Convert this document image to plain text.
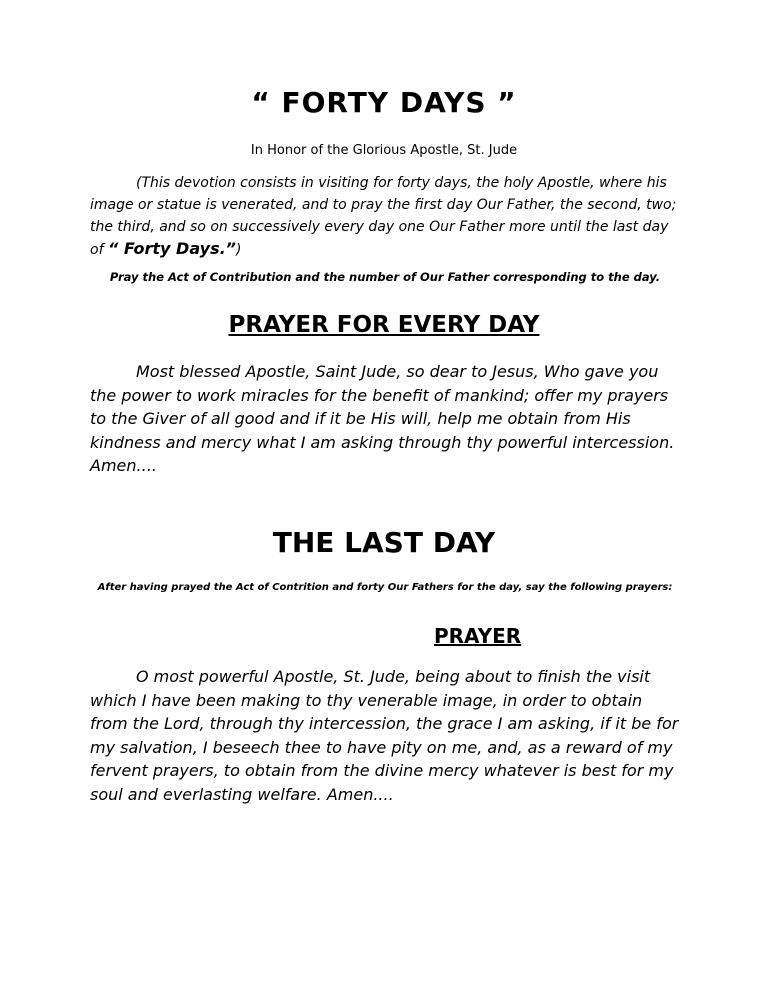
“ FORTY DAYS ”

In Honor of the Glorious Apostle, St. Jude

(This devotion consists in visiting for forty days, the holy Apostle, where his image or statue is venerated, and to pray the first day Our Father, the second, two; the third, and so on successively every day one Our Father more until the last day of “ Forty Days.”)

Pray the Act of Contribution and the number of Our Father corresponding to the day.

PRAYER FOR EVERY DAY

Most blessed Apostle, Saint Jude, so dear to Jesus, Who gave you the power to work miracles for the benefit of mankind; offer my prayers to the Giver of all good and if it be His will, help me obtain from His kindness and mercy what I am asking through thy powerful intercession. Amen....

THE LAST DAY

After having prayed the Act of Contrition and forty Our Fathers for the day, say the following prayers:

PRAYER

O most powerful Apostle, St. Jude, being about to finish the visit which I have been making to thy venerable image, in order to obtain from the Lord, through thy intercession, the grace I am asking, if it be for my salvation, I beseech thee to have pity on me, and, as a reward of my fervent prayers, to obtain from the divine mercy whatever is best for my soul and everlasting welfare. Amen....
